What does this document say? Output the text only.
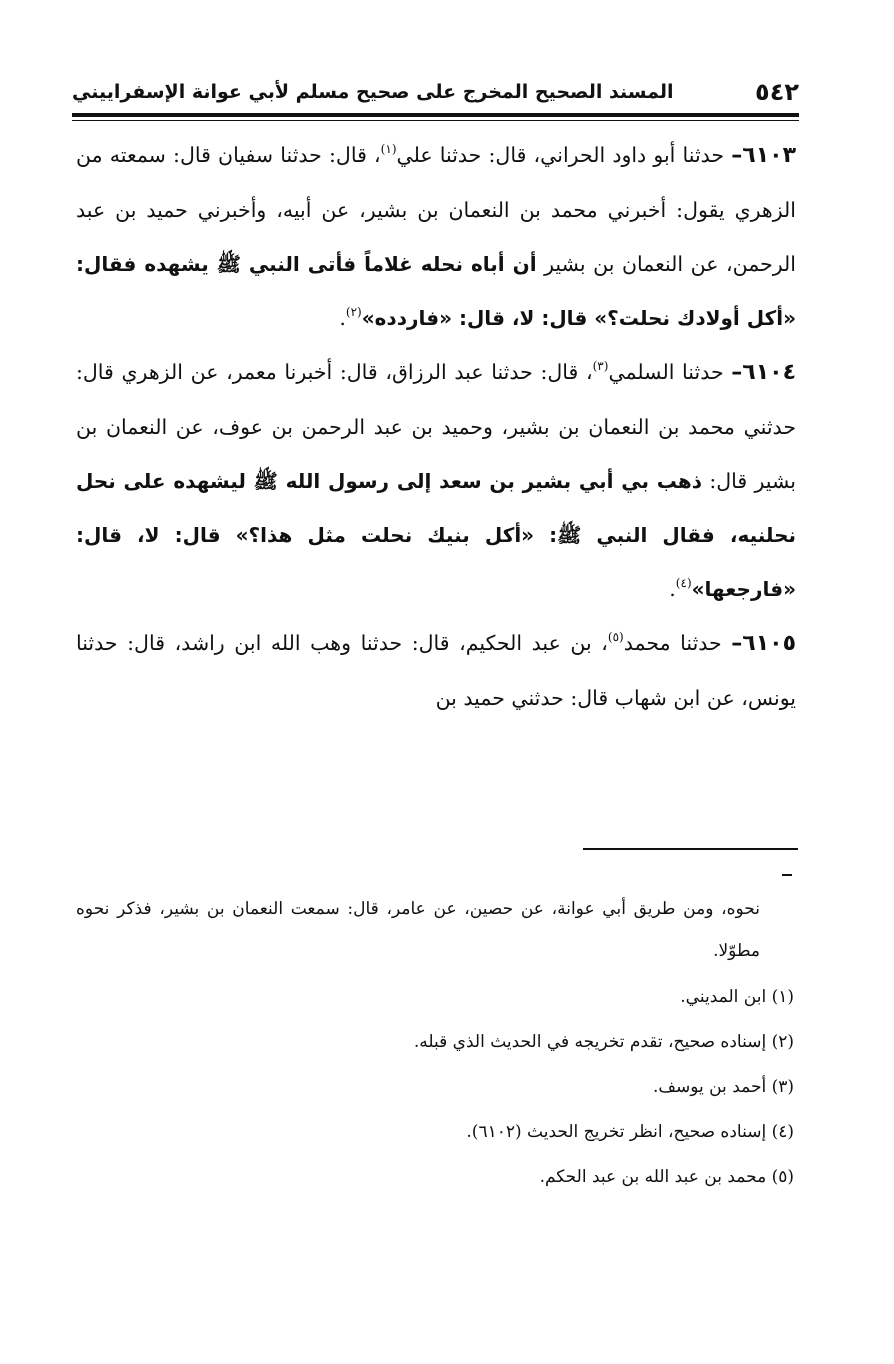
٥٤٢
المسند الصحيح المخرج على صحيح مسلم لأبي عوانة الإسفراييني

٦١٠٣– حدثنا أبو داود الحراني، قال: حدثنا علي$^{(١)}$، قال: حدثنا سفيان قال: سمعته من الزهري يقول: أخبرني محمد بن النعمان بن بشير، عن أبيه، وأخبرني حميد بن عبد الرحمن، عن النعمان بن بشير أن أباه نحله غلاماً فأتى النبي ﷺ يشهده فقال: «أكل أولادك نحلت؟» قال: لا، قال: «فاردده»$^{(٢)}$.

٦١٠٤– حدثنا السلمي$^{(٣)}$، قال: حدثنا عبد الرزاق، قال: أخبرنا معمر، عن الزهري قال: حدثني محمد بن النعمان بن بشير، وحميد بن عبد الرحمن بن عوف، عن النعمان بن بشير قال: ذهب بي أبي بشير بن سعد إلى رسول الله ﷺ ليشهده على نحل نحلنيه، فقال النبي ﷺ: «أكل بنيك نحلت مثل هذا؟» قال: لا، قال: «فارجعها»$^{(٤)}$.

٦١٠٥– حدثنا محمد$^{(٥)}$، بن عبد الحكيم، قال: حدثنا وهب الله ابن راشد، قال: حدثنا يونس، عن ابن شهاب قال: حدثني حميد بن

نحوه، ومن طريق أبي عوانة، عن حصين، عن عامر، قال: سمعت النعمان بن بشير، فذكر نحوه مطوّلا.

(١) ابن المديني.

(٢) إسناده صحيح، تقدم تخريجه في الحديث الذي قبله.

(٣) أحمد بن يوسف.

(٤) إسناده صحيح، انظر تخريج الحديث (٦١٠٢).

(٥) محمد بن عبد الله بن عبد الحكم.
